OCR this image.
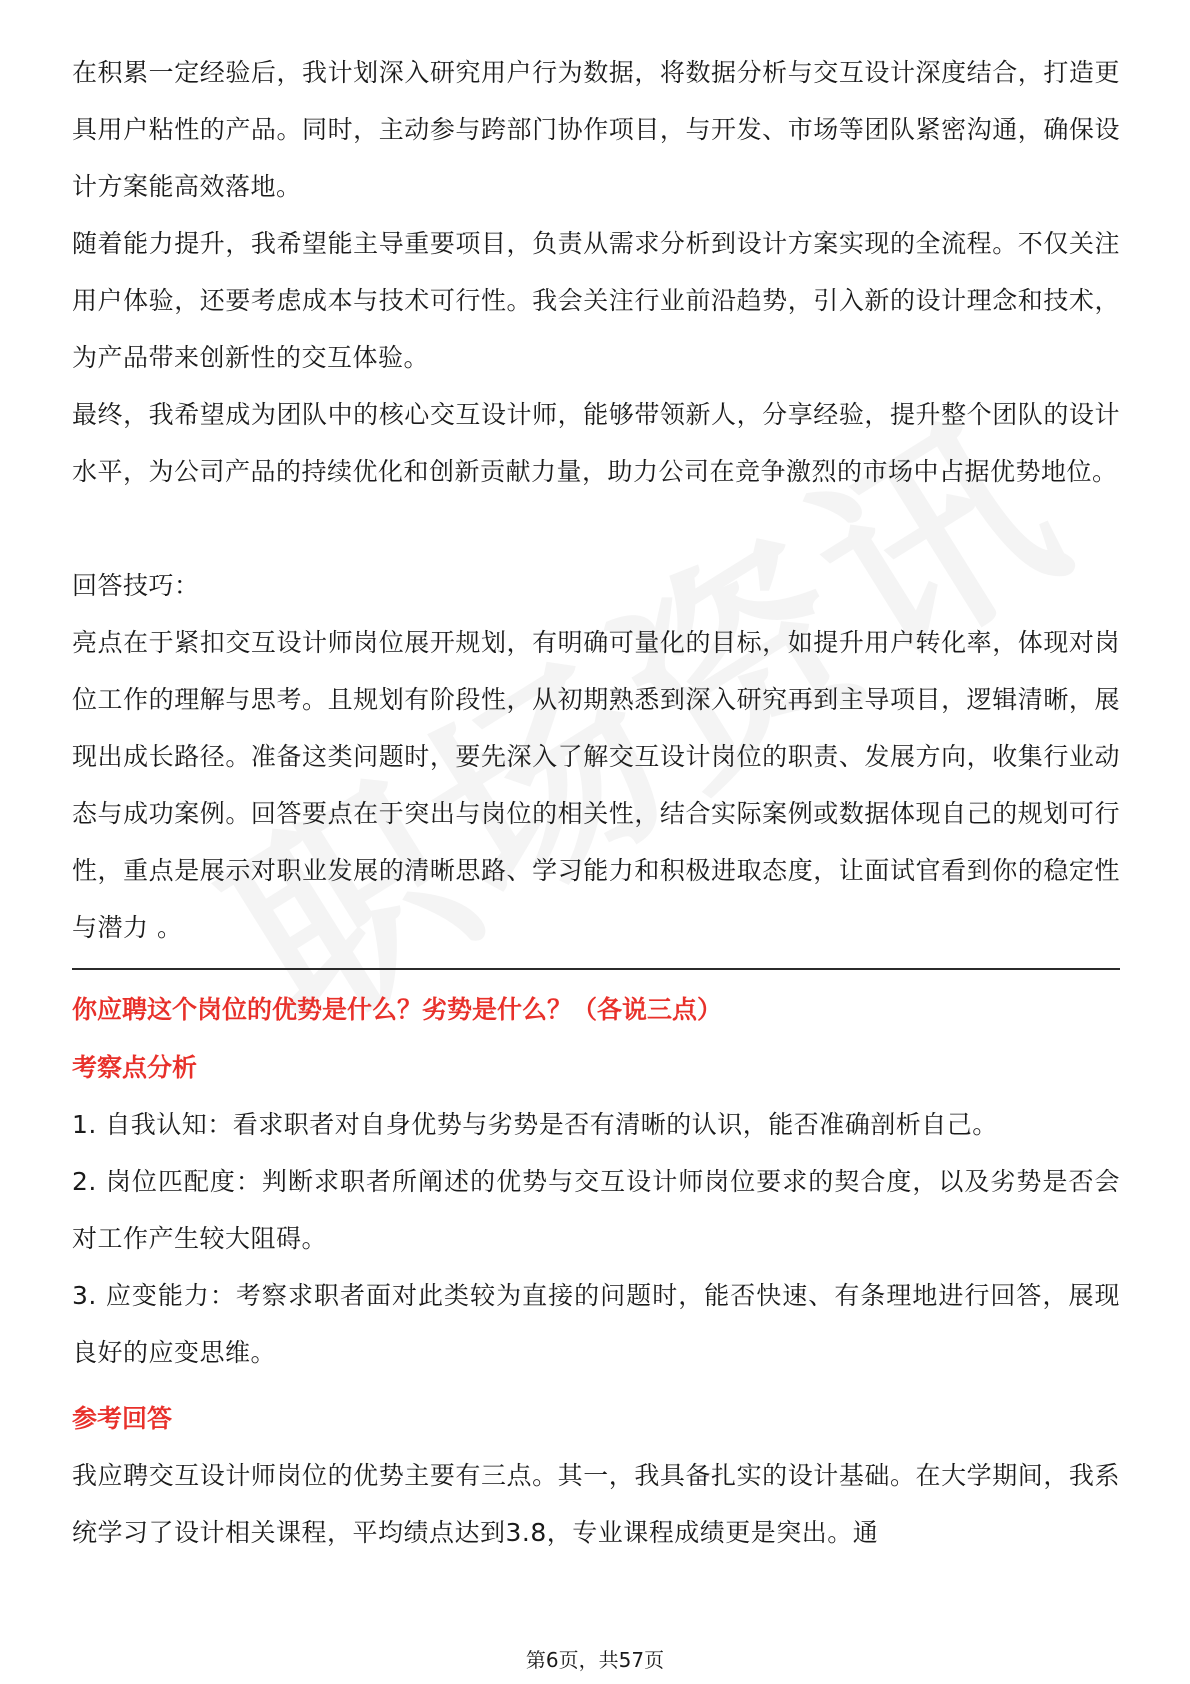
在积累一定经验后，我计划深入研究用户行为数据，将数据分析与交互设计深度结合，打造更具用户粘性的产品。同时，主动参与跨部门协作项目，与开发、市场等团队紧密沟通，确保设计方案能高效落地。

随着能力提升，我希望能主导重要项目，负责从需求分析到设计方案实现的全流程。不仅关注用户体验，还要考虑成本与技术可行性。我会关注行业前沿趋势，引入新的设计理念和技术，为产品带来创新性的交互体验。

最终，我希望成为团队中的核心交互设计师，能够带领新人，分享经验，提升整个团队的设计水平，为公司产品的持续优化和创新贡献力量，助力公司在竞争激烈的市场中占据优势地位。

回答技巧：

亮点在于紧扣交互设计师岗位展开规划，有明确可量化的目标，如提升用户转化率，体现对岗位工作的理解与思考。且规划有阶段性，从初期熟悉到深入研究再到主导项目，逻辑清晰，展现出成长路径。准备这类问题时，要先深入了解交互设计岗位的职责、发展方向，收集行业动态与成功案例。回答要点在于突出与岗位的相关性，结合实际案例或数据体现自己的规划可行性，重点是展示对职业发展的清晰思路、学习能力和积极进取态度，让面试官看到你的稳定性与潜力 。

你应聘这个岗位的优势是什么？劣势是什么？（各说三点）

考察点分析

1. 自我认知：看求职者对自身优势与劣势是否有清晰的认识，能否准确剖析自己。

2. 岗位匹配度：判断求职者所阐述的优势与交互设计师岗位要求的契合度，以及劣势是否会对工作产生较大阻碍。

3. 应变能力：考察求职者面对此类较为直接的问题时，能否快速、有条理地进行回答，展现良好的应变思维。

参考回答

我应聘交互设计师岗位的优势主要有三点。其一，我具备扎实的设计基础。在大学期间，我系统学习了设计相关课程，平均绩点达到3.8，专业课程成绩更是突出。通

第6页，共57页
